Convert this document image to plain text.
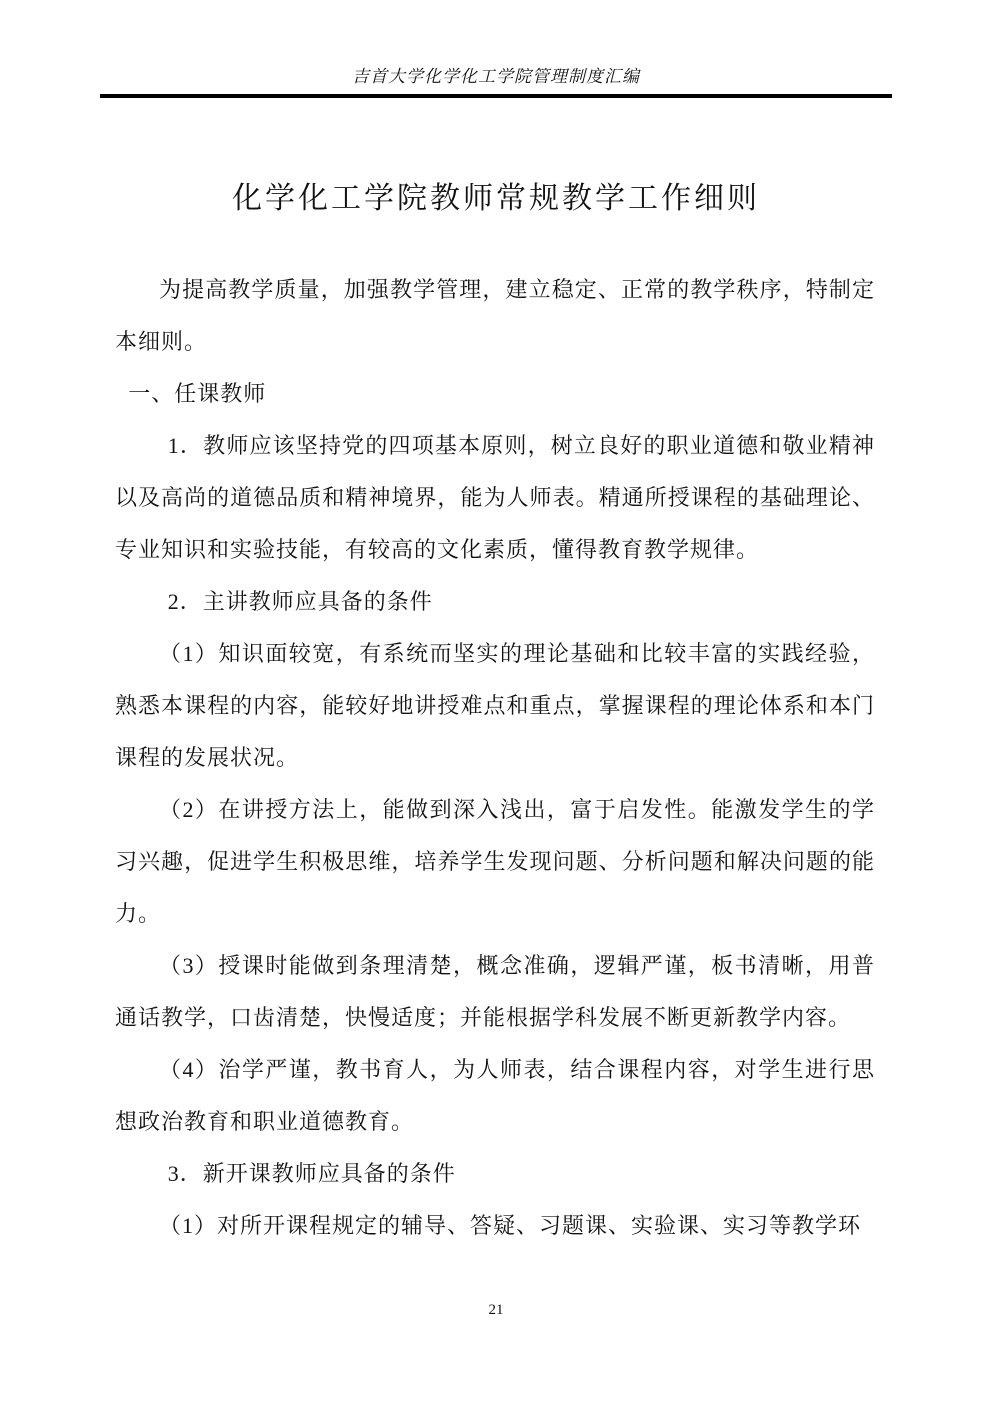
吉首大学化学化工学院管理制度汇编
化学化工学院教师常规教学工作细则

为提高教学质量，加强教学管理，建立稳定、正常的教学秩序，特制定本细则。

一、任课教师

1．教师应该坚持党的四项基本原则，树立良好的职业道德和敬业精神以及高尚的道德品质和精神境界，能为人师表。精通所授课程的基础理论、专业知识和实验技能，有较高的文化素质，懂得教育教学规律。

2．主讲教师应具备的条件

（1）知识面较宽，有系统而坚实的理论基础和比较丰富的实践经验，熟悉本课程的内容，能较好地讲授难点和重点，掌握课程的理论体系和本门课程的发展状况。

（2）在讲授方法上，能做到深入浅出，富于启发性。能激发学生的学习兴趣，促进学生积极思维，培养学生发现问题、分析问题和解决问题的能力。

（3）授课时能做到条理清楚，概念准确，逻辑严谨，板书清晰，用普通话教学，口齿清楚，快慢适度；并能根据学科发展不断更新教学内容。

（4）治学严谨，教书育人，为人师表，结合课程内容，对学生进行思想政治教育和职业道德教育。

3．新开课教师应具备的条件

（1）对所开课程规定的辅导、答疑、习题课、实验课、实习等教学环

21
